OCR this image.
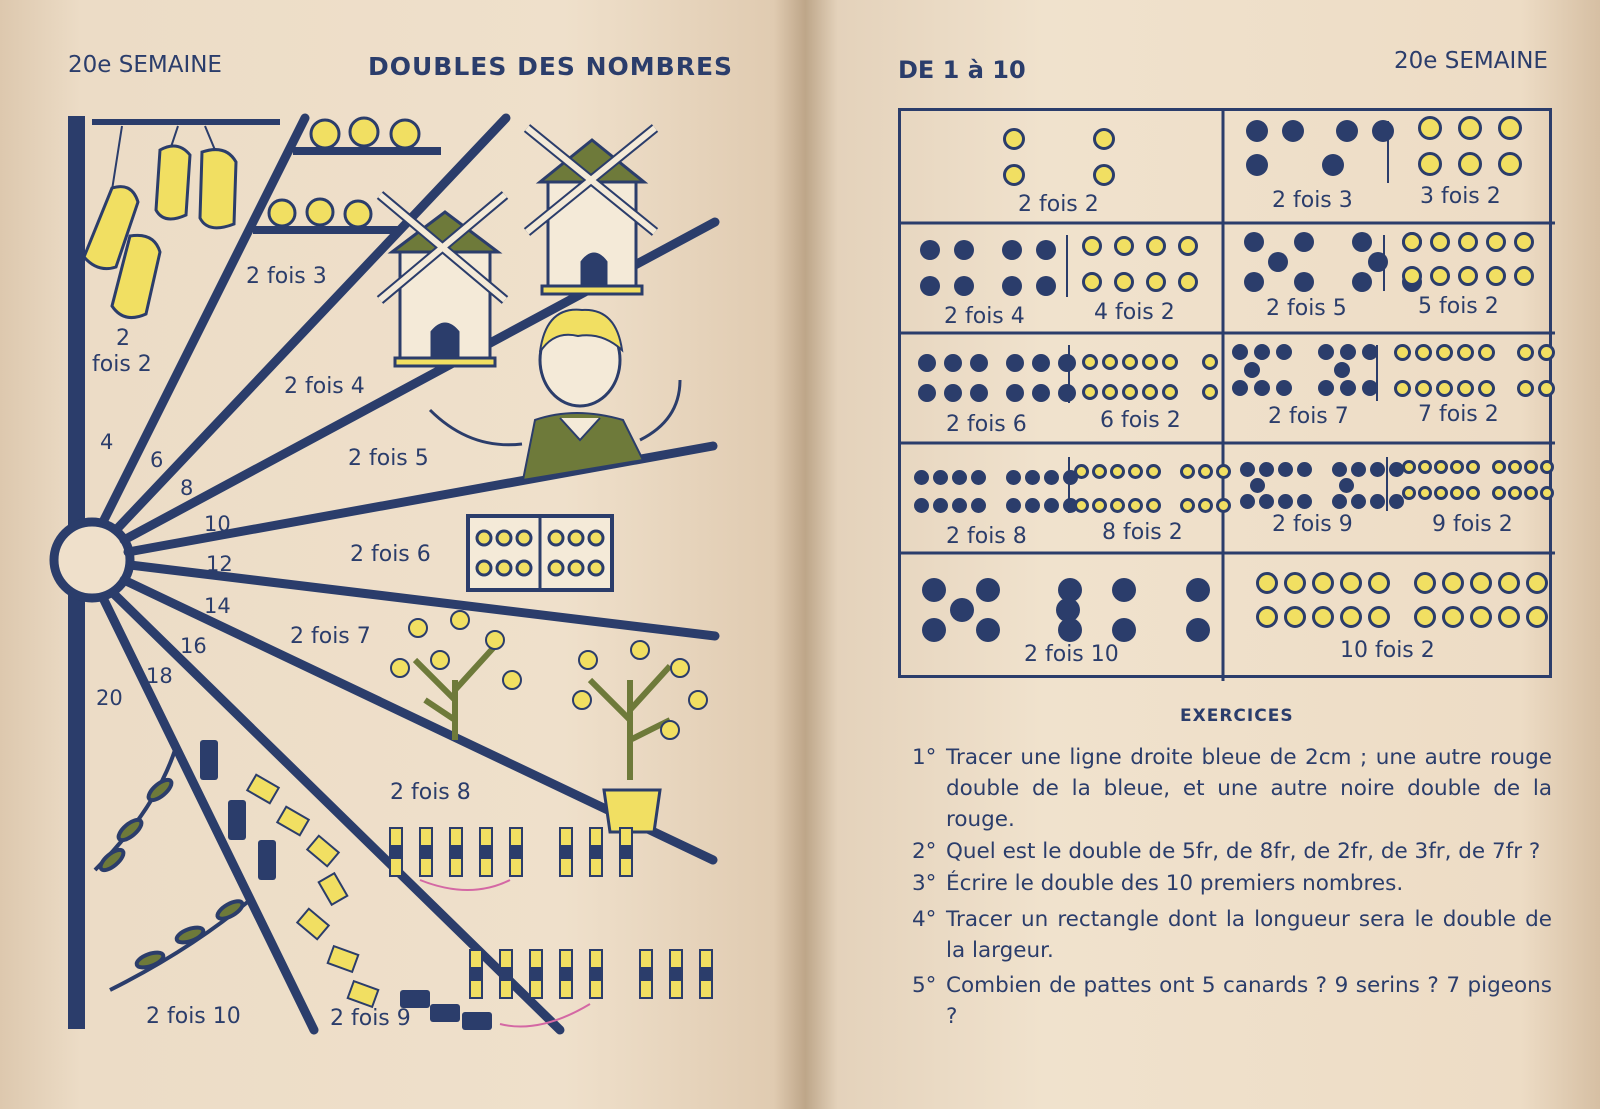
20e SEMAINE	DOUBLES DES NOMBRES
2
fois 2
2 fois 3
2 fois 4
2 fois 5
2 fois 6
2 fois 7
2 fois 8
2 fois 9
2 fois 10
4
6
8
10
12
14
16
18
20
DE 1 à 10	20e SEMAINE
2 fois 2	2 fois 3	3 fois 2
2 fois 4	4 fois 2	2 fois 5	5 fois 2
2 fois 6	6 fois 2	2 fois 7	7 fois 2
2 fois 8	8 fois 2	2 fois 9	9 fois 2
2 fois 10	10 fois 2
EXERCICES
1° Tracer une ligne droite bleue de 2cm ; une autre rouge double de la bleue, et une autre noire double de la rouge.
2° Quel est le double de 5fr, de 8fr, de 2fr, de 3fr, de 7fr ?
3° Écrire le double des 10 premiers nombres.
4° Tracer un rectangle dont la longueur sera le double de la largeur.
5° Combien de pattes ont 5 canards ? 9 serins ? 7 pigeons ?
